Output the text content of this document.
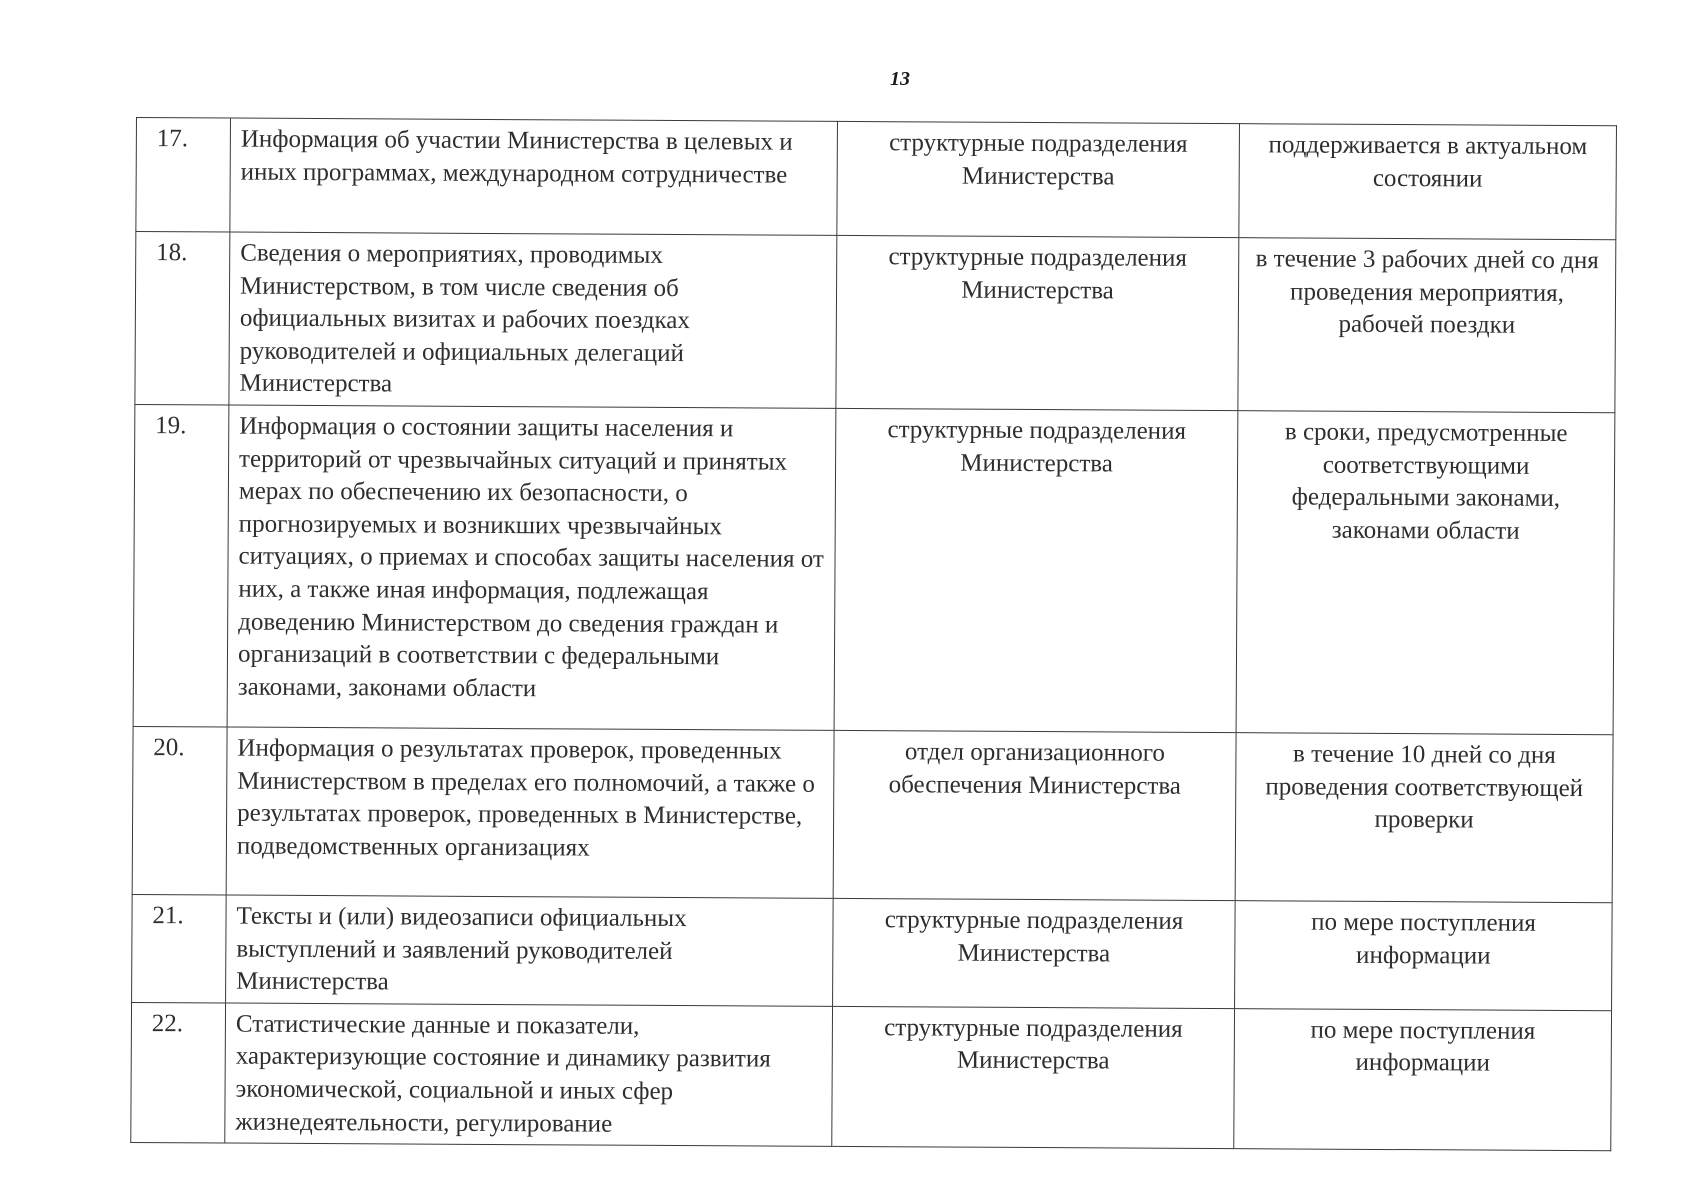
13
17.	Информация об участии Министерства в целевых и иных программах, международном сотрудничестве	структурные подразделения Министерства	поддерживается в актуальном состоянии
18.	Сведения о мероприятиях, проводимых Министерством, в том числе сведения об официальных визитах и рабочих поездках руководителей и официальных делегаций Министерства	структурные подразделения Министерства	в течение 3 рабочих дней со дня проведения мероприятия, рабочей поездки
19.	Информация о состоянии защиты населения и территорий от чрезвычайных ситуаций и принятых мерах по обеспечению их безопасности, о прогнозируемых и возникших чрезвычайных ситуациях, о приемах и способах защиты населения от них, а также иная информация, подлежащая доведению Министерством до сведения граждан и организаций в соответствии с федеральными законами, законами области	структурные подразделения Министерства	в сроки, предусмотренные соответствующими федеральными законами, законами области
20.	Информация о результатах проверок, проведенных Министерством в пределах его полномочий, а также о результатах проверок, проведенных в Министерстве, подведомственных организациях	отдел организационного обеспечения Министерства	в течение 10 дней со дня проведения соответствующей проверки
21.	Тексты и (или) видеозаписи официальных выступлений и заявлений руководителей Министерства	структурные подразделения Министерства	по мере поступления информации
22.	Статистические данные и показатели, характеризующие состояние и динамику развития экономической, социальной и иных сфер жизнедеятельности, регулирование	структурные подразделения Министерства	по мере поступления информации
